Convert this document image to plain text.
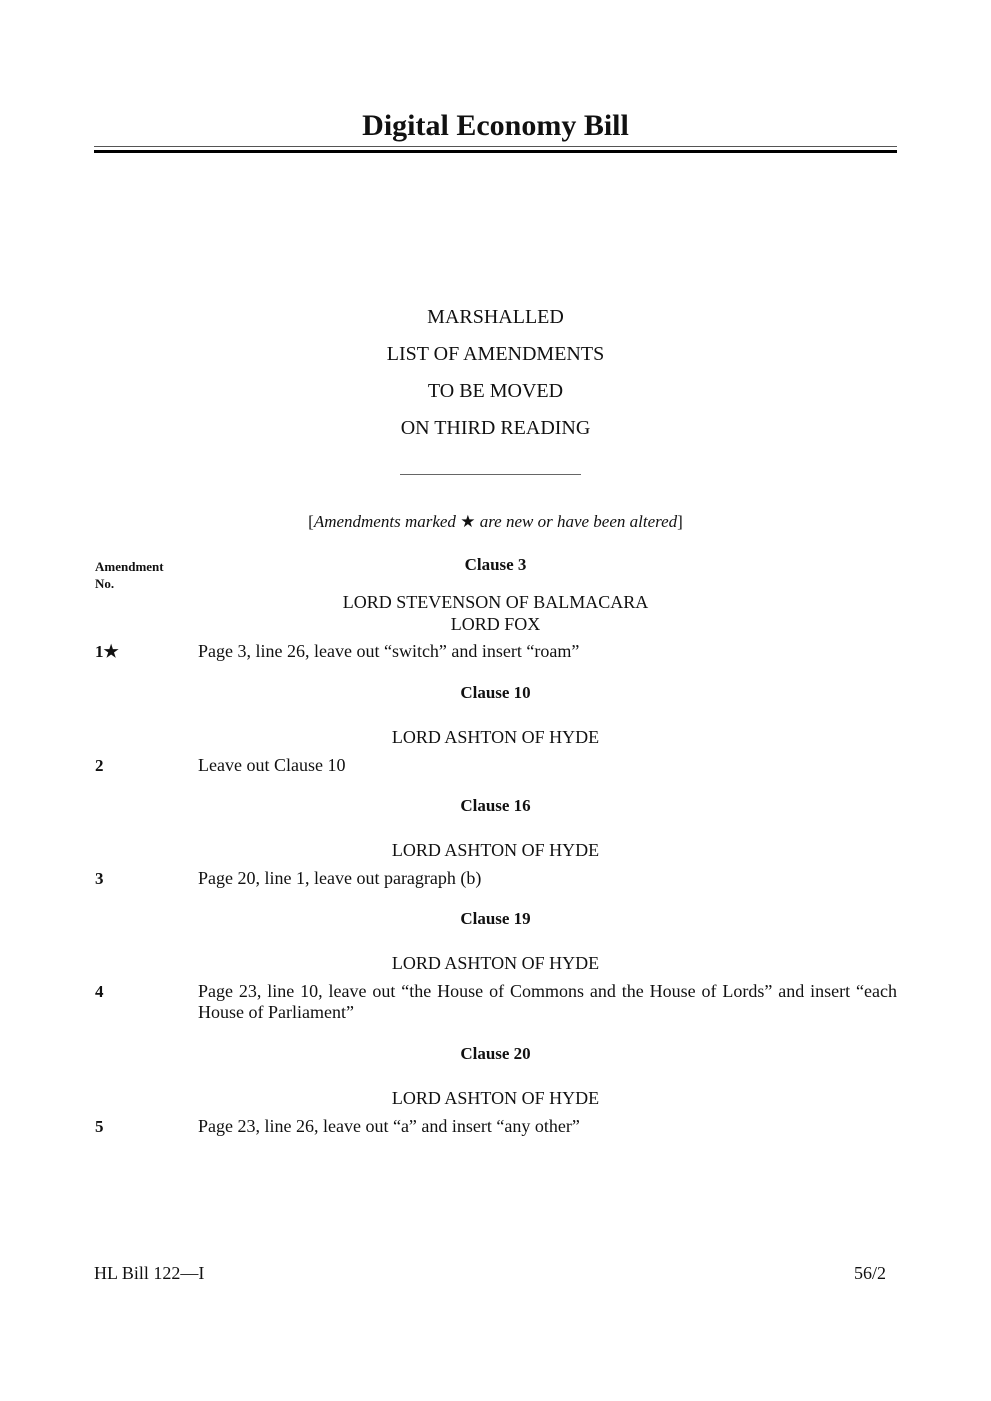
Digital Economy Bill
MARSHALLED
LIST OF AMENDMENTS
TO BE MOVED
ON THIRD READING
[Amendments marked ★ are new or have been altered]
Amendment
No.
Clause 3
LORD STEVENSON OF BALMACARA
LORD FOX
1★	Page 3, line 26, leave out “switch” and insert “roam”
Clause 10
LORD ASHTON OF HYDE
2	Leave out Clause 10
Clause 16
LORD ASHTON OF HYDE
3	Page 20, line 1, leave out paragraph (b)
Clause 19
LORD ASHTON OF HYDE
4	Page 23, line 10, leave out “the House of Commons and the House of Lords” and insert “each House of Parliament”
Clause 20
LORD ASHTON OF HYDE
5	Page 23, line 26, leave out “a” and insert “any other”
HL Bill 122—I	56/2
